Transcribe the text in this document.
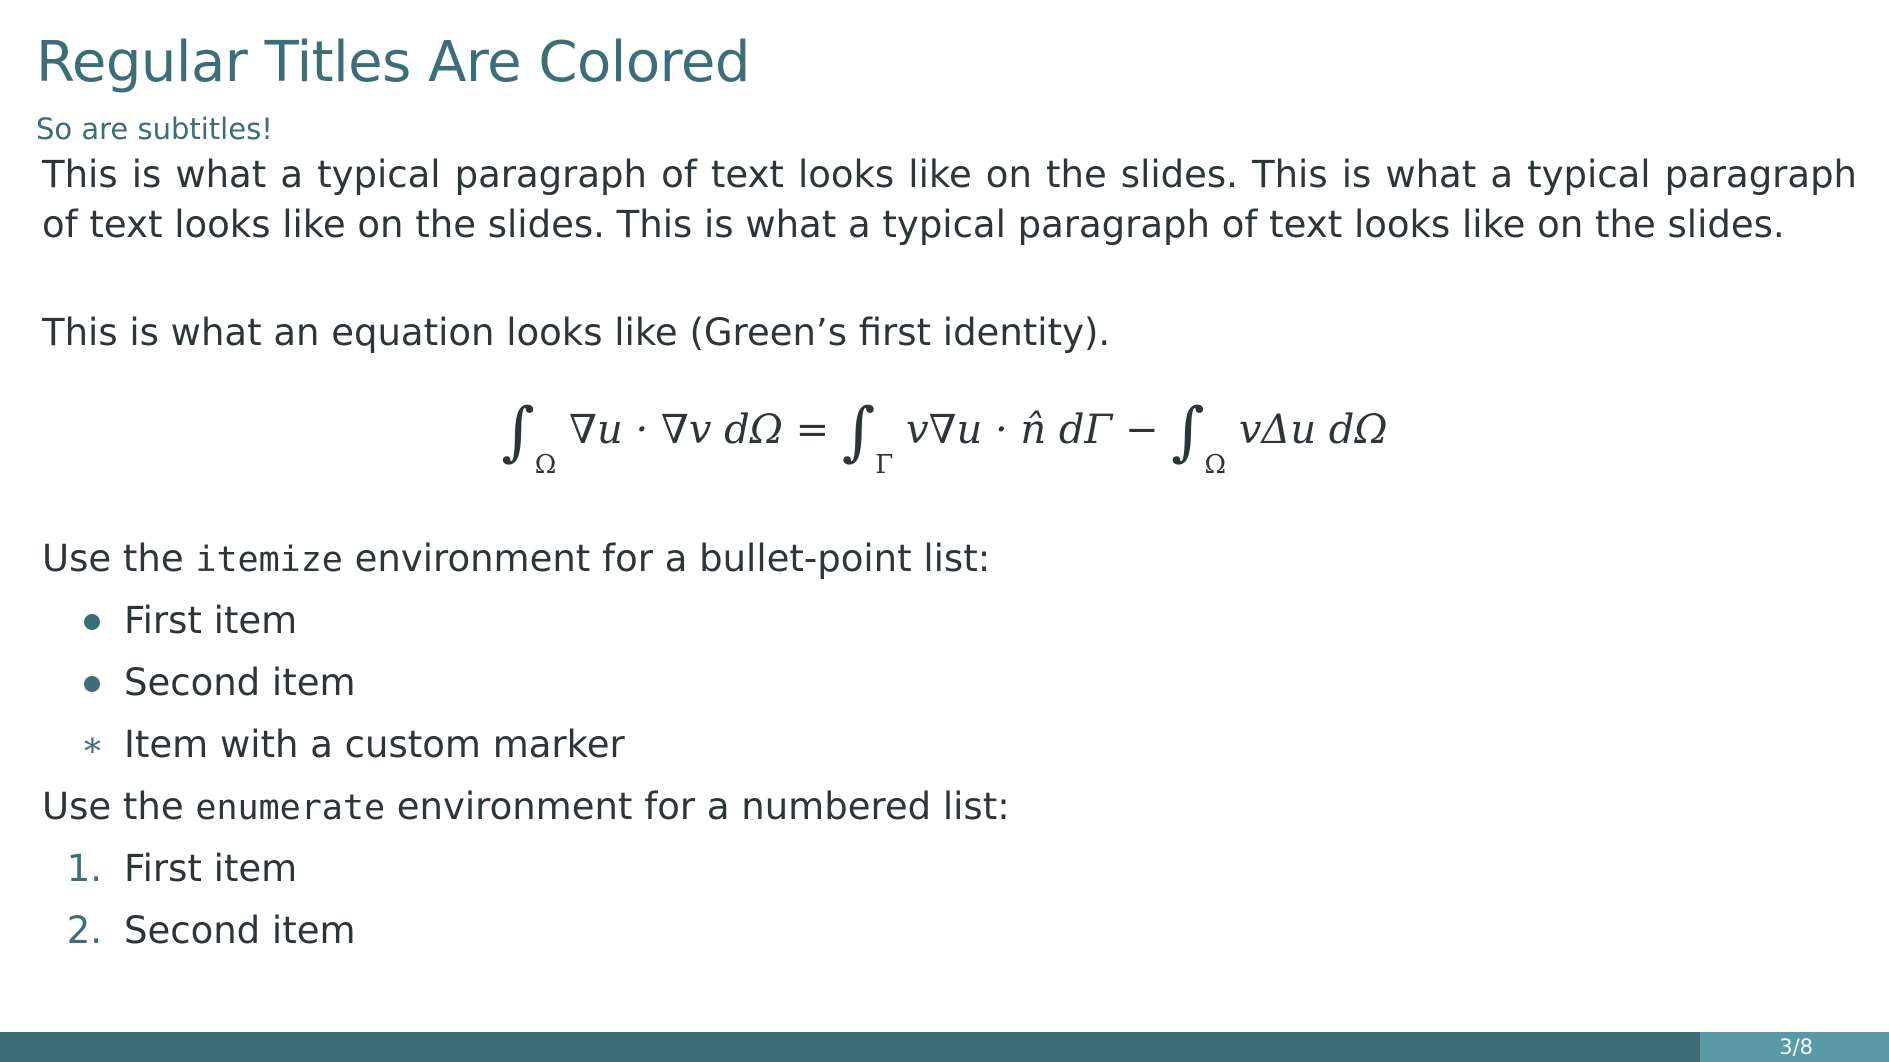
Regular Titles Are Colored
So are subtitles!
This is what a typical paragraph of text looks like on the slides. This is what a typical paragraph of text looks like on the slides. This is what a typical paragraph of text looks like on the slides.
This is what an equation looks like (Green’s first identity).
$\int_\Omega$ ∇u · ∇v $d\Omega = \int_\Gamma$ v∇u · n̂ $d\Gamma - \int_\Omega$ vΔu dΩ
Use the itemize environment for a bullet-point list:
First item
Second item
∗ Item with a custom marker
Use the enumerate environment for a numbered list:
1. First item
2. Second item
3/8
